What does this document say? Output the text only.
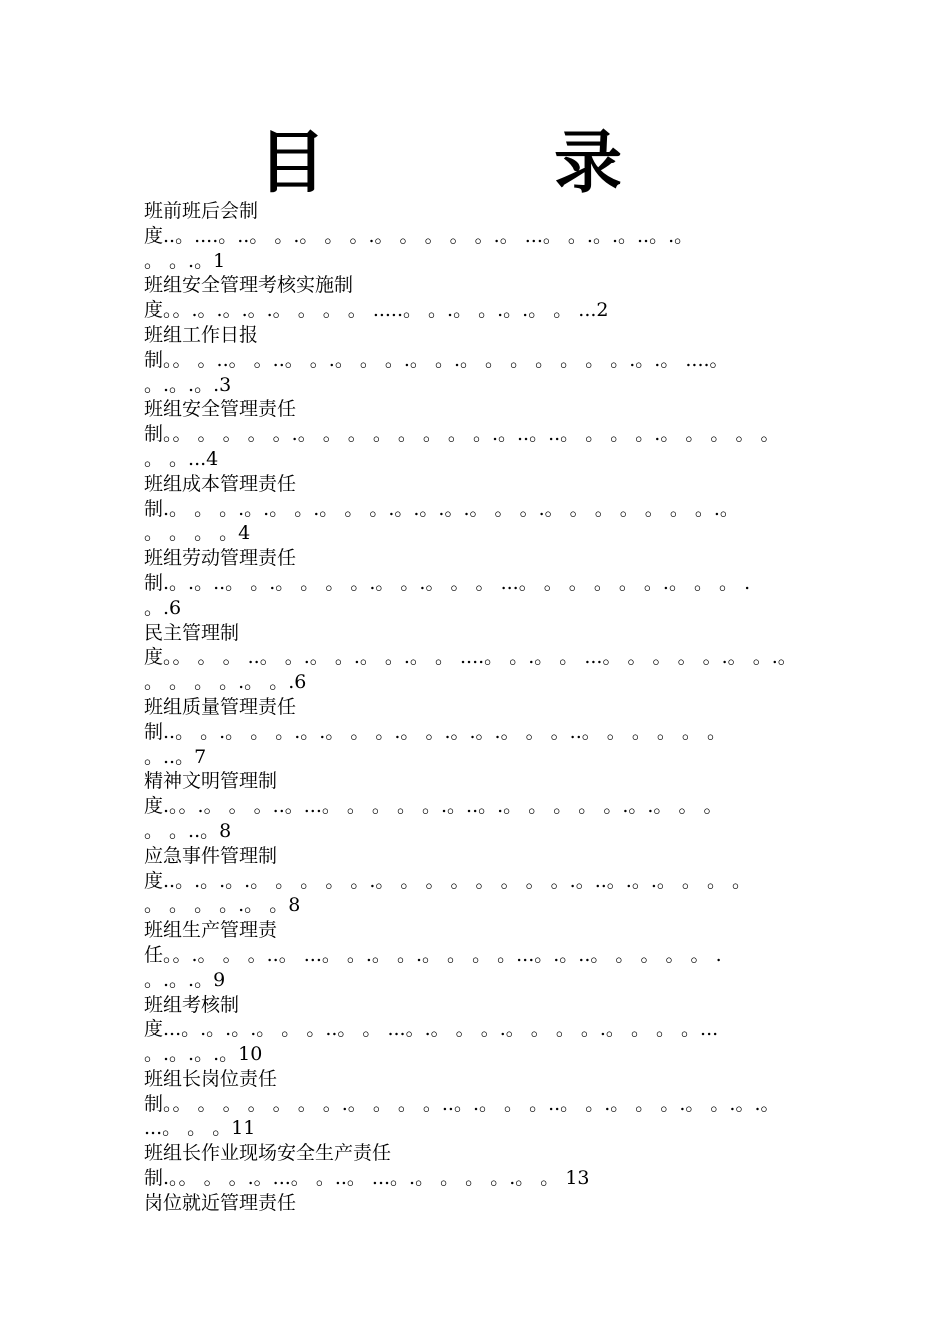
目　录
班前班后会制
度..。....。..。 。.。 。 。.。 。 。 。 。.。 ...。 。.。.。..。.。
。 。.。1
班组安全管理考核实施制
度。。.。.。.。.。 。 。 。 .....。 。.。 。.。.。 。 ...2
班组工作日报
制。。 。..。 。..。 。.。 。 。.。 。.。 。 。 。 。 。 。.。.。 ....。
。.。.。.3
班组安全管理责任
制。。 。 。 。 。.。 。 。 。 。 。 。 。.。..。..。 。 。 。.。 。 。 。 。
。 。...4
班组成本管理责任
制.。 。 。.。.。 。.。 。 。.。.。.。.。 。 。.。 。 。 。 。 。 。.。
。 。 。 。4
班组劳动管理责任
制.。.。..。 。.。 。 。 。.。 。.。 。 。 ...。 。 。 。 。 。.。 。 。 .
。.6
民主管理制
度。。 。 。 ..。 。.。 。.。 。.。 。 ....。 。.。 。 ...。 。 。 。 。.。 。.。
。 。 。 。.。 。.6
班组质量管理责任
制..。 。.。 。 。.。.。 。 。.。 。.。.。.。 。 。..。 。 。 。 。 。
。..。7
精神文明管理制
度.。。.。 。 。..。...。 。 。 。 。.。..。.。 。 。 。 。.。.。 。 。
。 。..。8
应急事件管理制
度..。.。.。.。 。 。 。 。.。 。 。 。 。 。 。 。.。..。.。.。 。 。 。
。 。 。 。.。 。8
班组生产管理责
任。。.。 。 。..。 ...。 。.。 。.。 。 。 。...。.。..。 。 。 。 。 .
。.。.。9
班组考核制
度...。.。.。.。 。 。..。 。 ...。.。 。 。.。 。 。 。.。 。 。 。...
。.。.。.。10
班组长岗位责任
制。。 。 。 。 。 。 。.。 。 。 。..。.。 。 。..。 。.。 。 。.。 。.。.。
...。 。 。11
班组长作业现场安全生产责任
制.。。 。 。.。...。 。..。 ...。.。 。 。 。.。 。 13
岗位就近管理责任
